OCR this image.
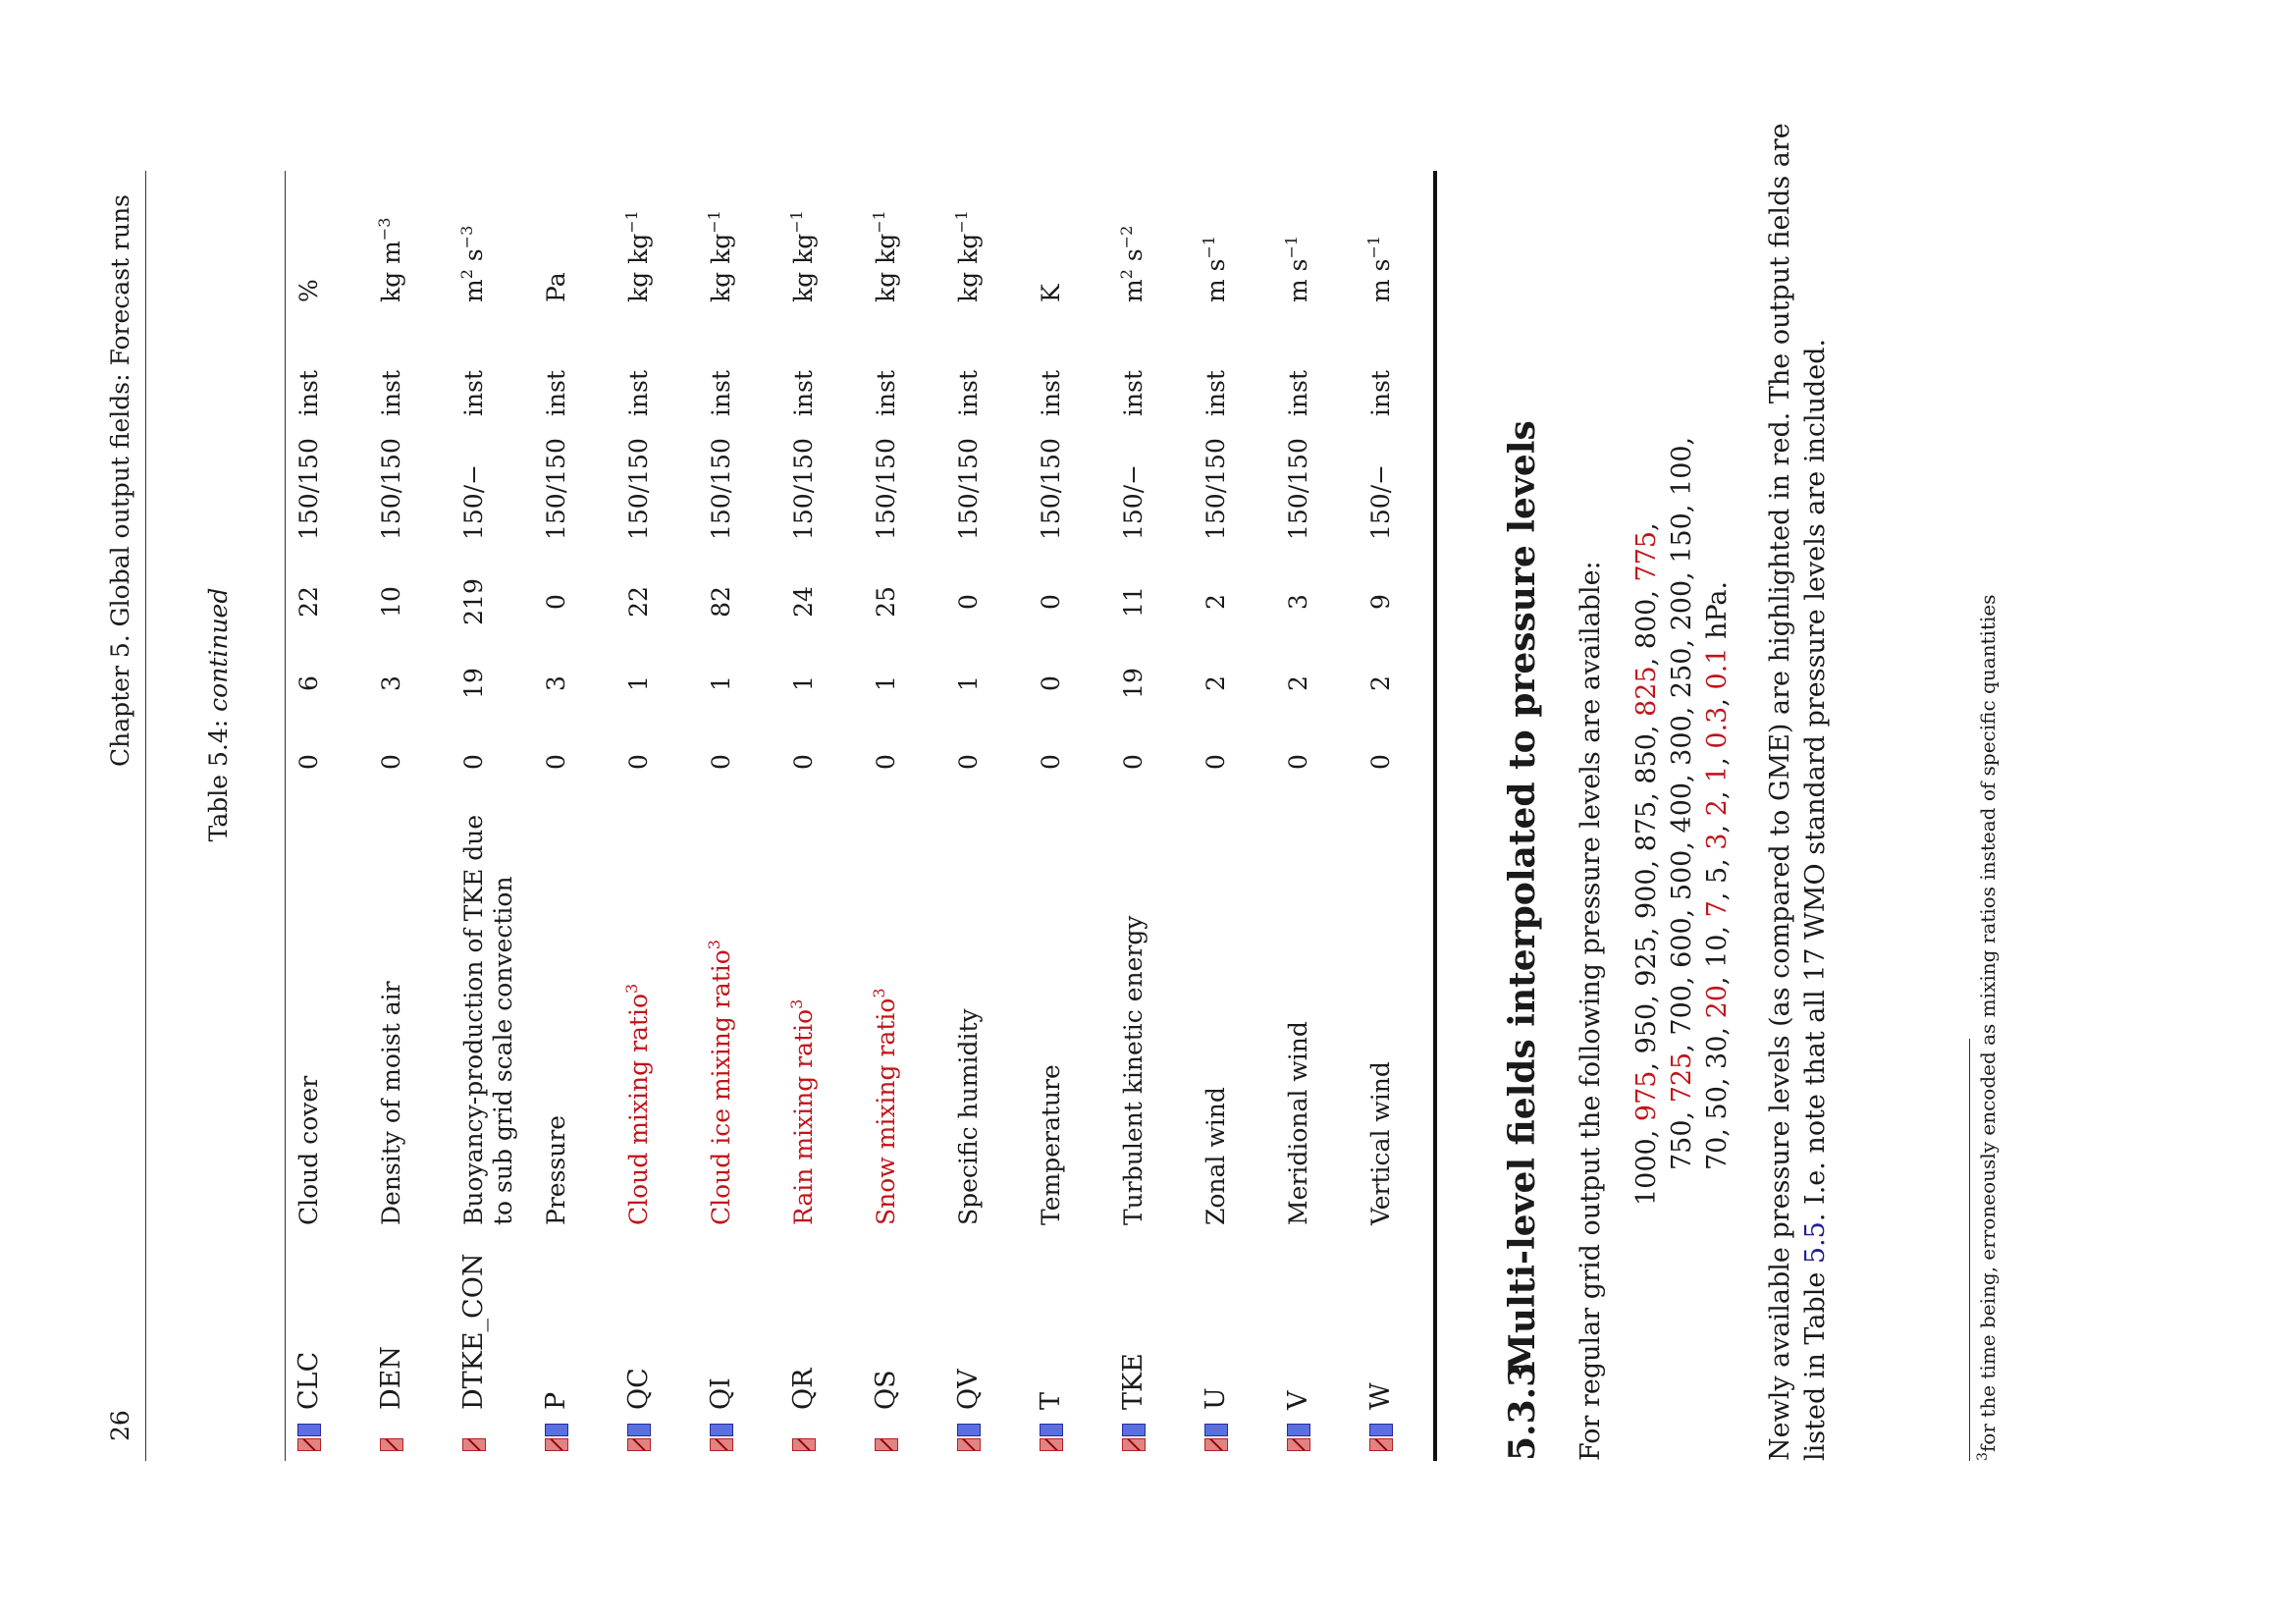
26
Chapter 5. Global output fields: Forecast runs
Table 5.4: continued
5.3.3
Multi-level fields interpolated to pressure levels For regular grid output the following pressure levels are available: 1000, 975, 950, 925, 900, 875, 850, 825, 800, 775,
750, 725, 700, 600, 500, 400, 300, 250, 200, 150, 100,
70, 50, 30, 20, 10, 7, 5, 3, 2, 1, 0.3, 0.1 hPa. Newly available pressure levels (as compared to GME) are highlighted in red. The output fields are listed in Table 5.5. I.e. note that all 17 WMO standard pressure levels are included.
$^3$for the time being, erroneously encoded as mixing ratios instead of specific quantities
CLC
Cloud cover
0
6
22
150/150
inst
%
DEN
Density of moist air
0
3
10
150/150
inst
kg $m^{-3}$
DTKE_CON
Buoyancy-production of TKE due to sub grid scale convection
0
19
219
150/−
inst
$m^2$ $s^{-3}$
P
Pressure
0
3
0
150/150
inst
Pa
QC
Cloud mixing ratio$^3$
0
1
22
150/150
inst
kg $kg^{-1}$
QI
Cloud ice mixing ratio$^3$
0
1
82
150/150
inst
kg $kg^{-1}$
QR
Rain mixing ratio$^3$
0
1
24
150/150
inst
kg $kg^{-1}$
QS
Snow mixing ratio$^3$
0
1
25
150/150
inst
kg $kg^{-1}$
QV
Specific humidity
0
1
0
150/150
inst
kg $kg^{-1}$
T
Temperature
0
0
0
150/150
inst
K
TKE
Turbulent kinetic energy
0
19
11
150/−
inst
$m^2$ $s^{-2}$
U
Zonal wind
0
2
2
150/150
inst
m $s^{-1}$
V
Meridional wind
0
2
3
150/150
inst
m $s^{-1}$
W
Vertical wind
0
2
9
150/−
inst
m $s^{-1}$
